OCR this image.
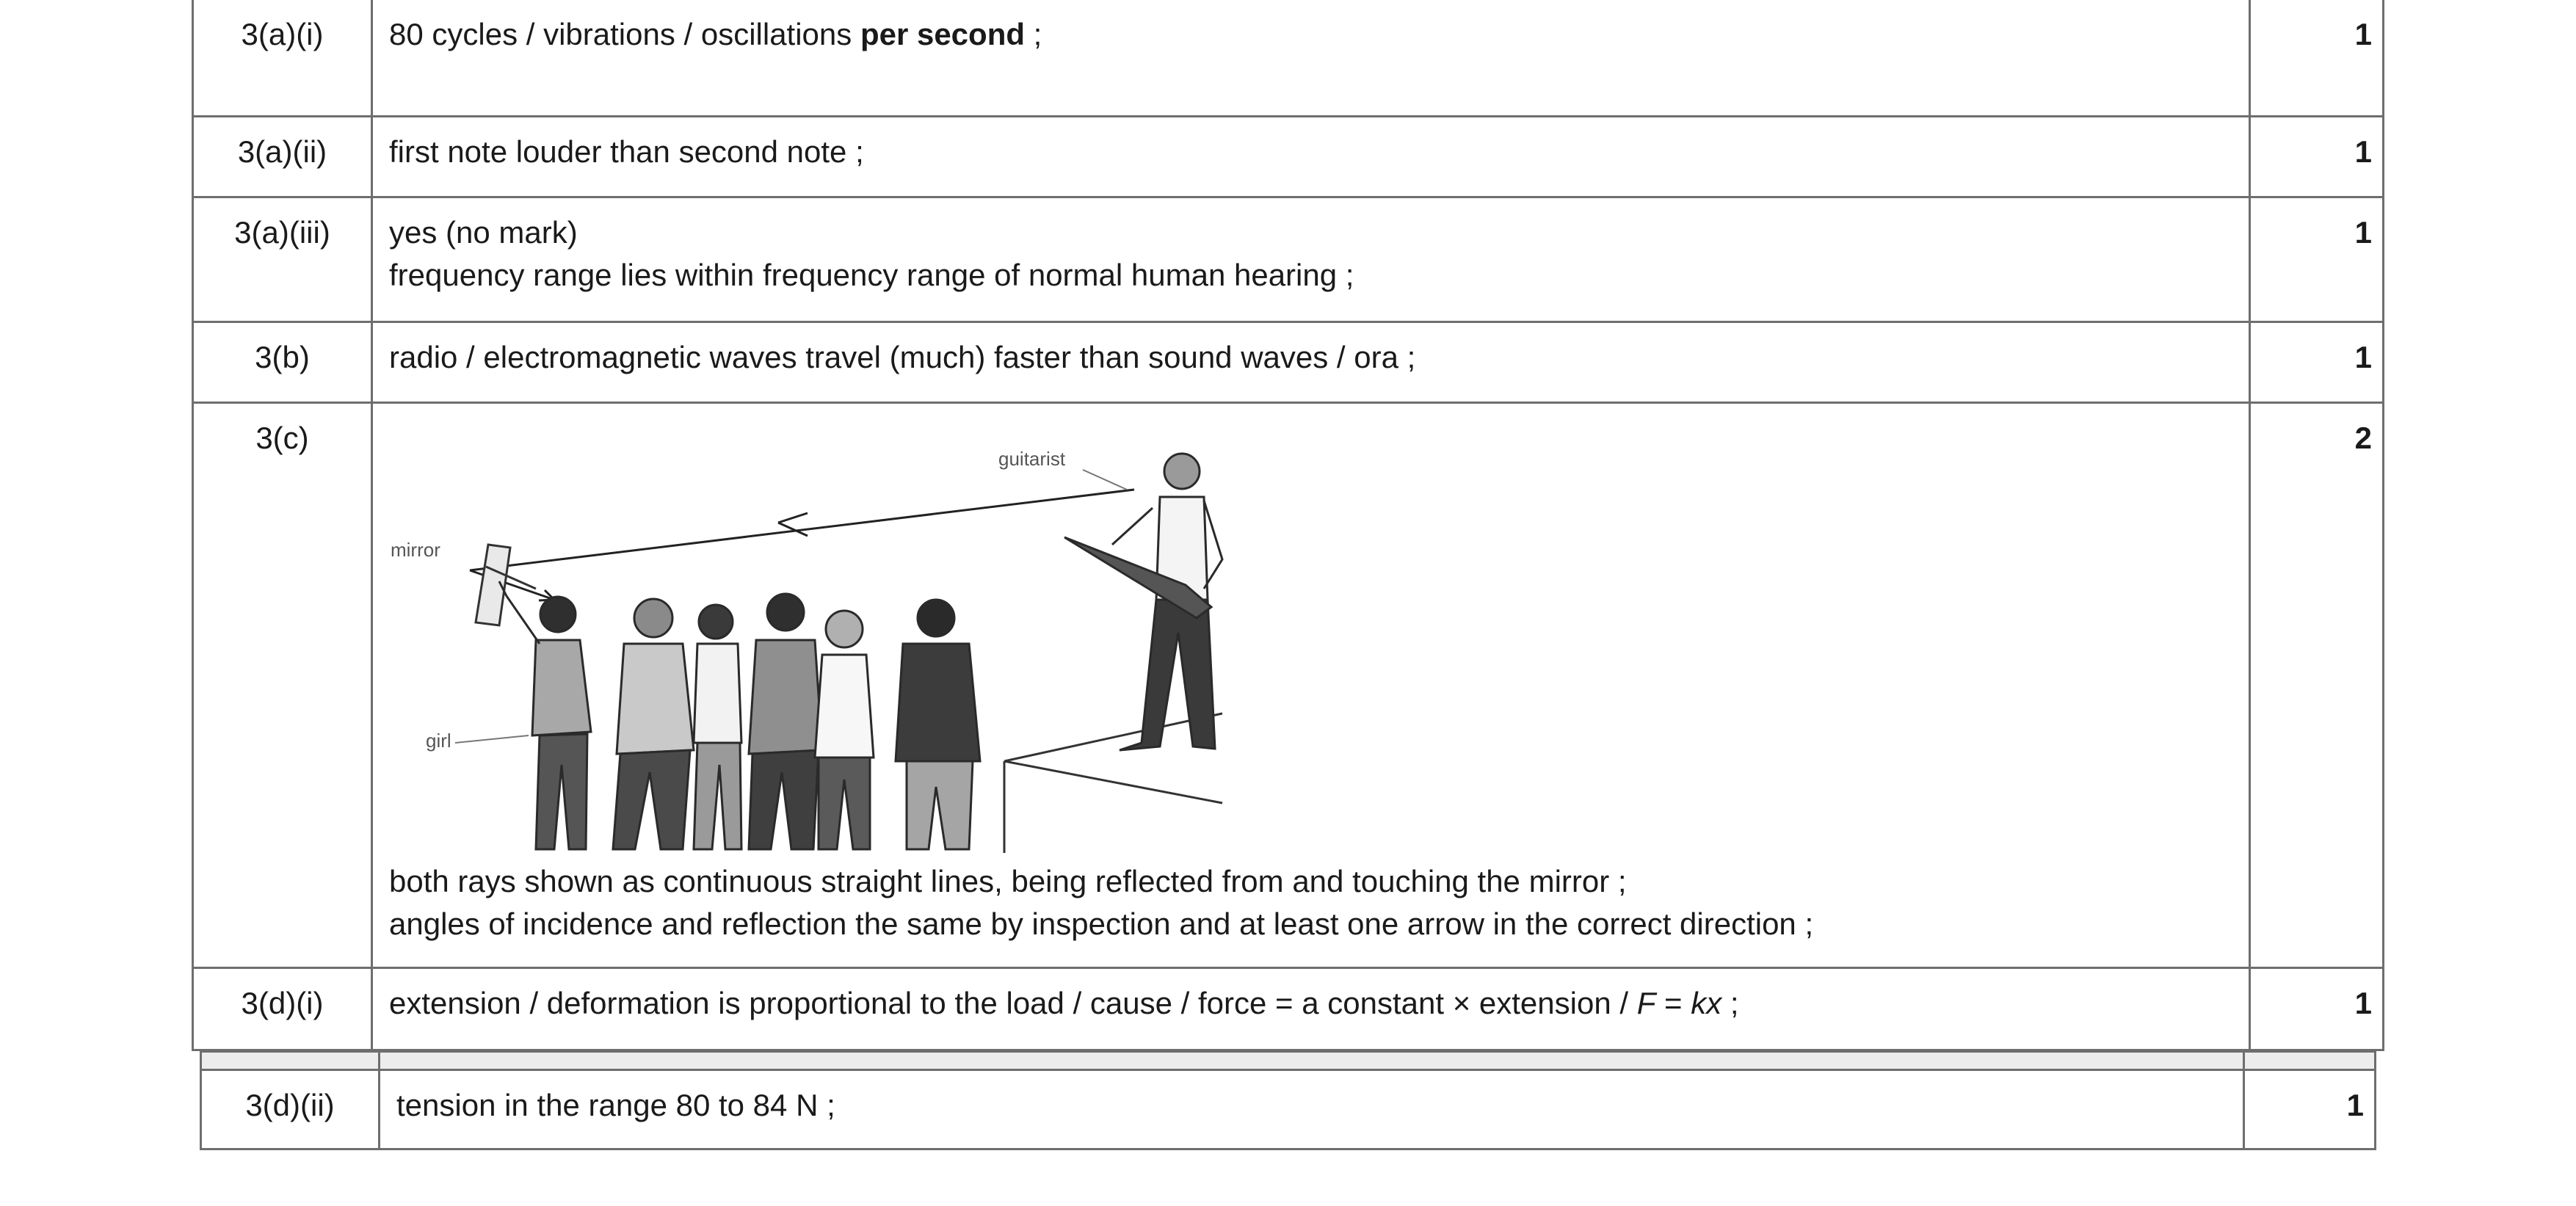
3(a)(i)	80 cycles / vibrations / oscillations per second ;	1
3(a)(ii)	first note louder than second note ;	1
3(a)(iii)	yes (no mark)
frequency range lies within frequency range of normal human hearing ;	1
3(b)	radio / electromagnetic waves travel (much) faster than sound waves / ora ;	1
3(c)	guitarist
mirror
girl
both rays shown as continuous straight lines, being reflected from and touching the mirror ;
angles of incidence and reflection the same by inspection and at least one arrow in the correct direction ;	2
3(d)(i)	extension / deformation is proportional to the load / cause / force = a constant × extension / F = kx ;	1

3(d)(ii)	tension in the range 80 to 84 N ;	1
